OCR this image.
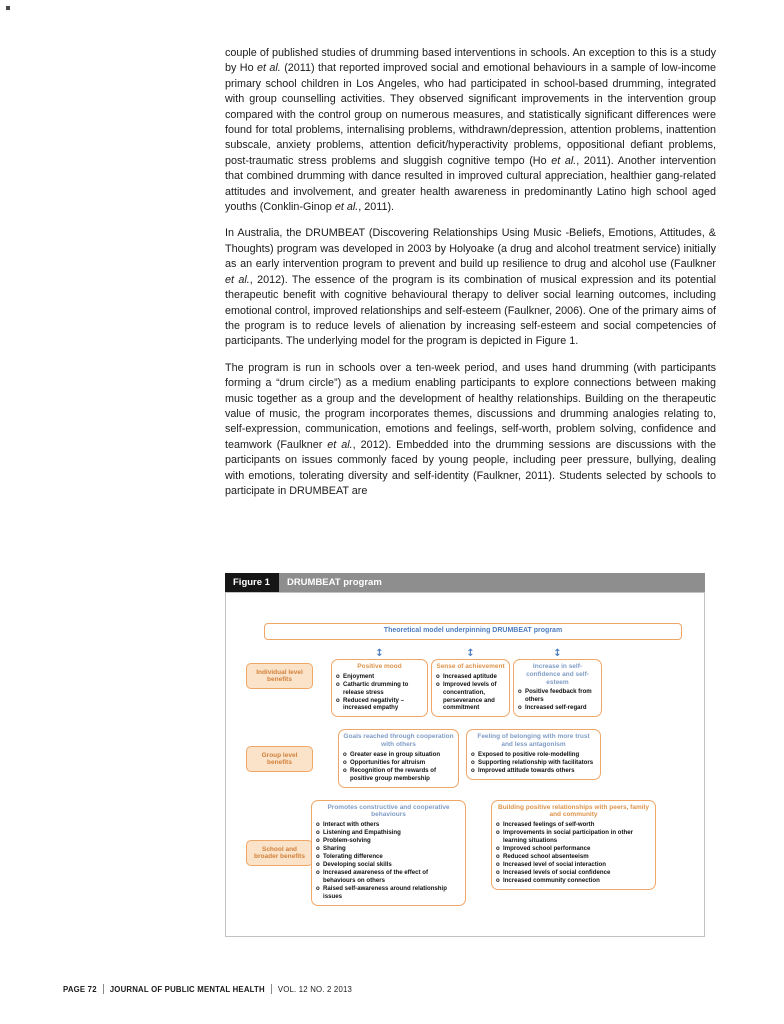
couple of published studies of drumming based interventions in schools. An exception to this is a study by Ho et al. (2011) that reported improved social and emotional behaviours in a sample of low-income primary school children in Los Angeles, who had participated in school-based drumming, integrated with group counselling activities. They observed significant improvements in the intervention group compared with the control group on numerous measures, and statistically significant differences were found for total problems, internalising problems, withdrawn/depression, attention problems, inattention subscale, anxiety problems, attention deficit/hyperactivity problems, oppositional defiant problems, post-traumatic stress problems and sluggish cognitive tempo (Ho et al., 2011). Another intervention that combined drumming with dance resulted in improved cultural appreciation, healthier gang-related attitudes and involvement, and greater health awareness in predominantly Latino high school aged youths (Conklin-Ginop et al., 2011).

In Australia, the DRUMBEAT (Discovering Relationships Using Music -Beliefs, Emotions, Attitudes, & Thoughts) program was developed in 2003 by Holyoake (a drug and alcohol treatment service) initially as an early intervention program to prevent and build up resilience to drug and alcohol use (Faulkner et al., 2012). The essence of the program is its combination of musical expression and its potential therapeutic benefit with cognitive behavioural therapy to deliver social learning outcomes, including emotional control, improved relationships and self-esteem (Faulkner, 2006). One of the primary aims of the program is to reduce levels of alienation by increasing self-esteem and social competencies of participants. The underlying model for the program is depicted in Figure 1.

The program is run in schools over a ten-week period, and uses hand drumming (with participants forming a “drum circle”) as a medium enabling participants to explore connections between making music together as a group and the development of healthy relationships. Building on the therapeutic value of music, the program incorporates themes, discussions and drumming analogies relating to, self-expression, communication, emotions and feelings, self-worth, problem solving, confidence and teamwork (Faulkner et al., 2012). Embedded into the drumming sessions are discussions with the participants on issues commonly faced by young people, including peer pressure, bullying, dealing with emotions, tolerating diversity and self-identity (Faulkner, 2011). Students selected by schools to participate in DRUMBEAT are

Figure 1	DRUMBEAT program
Theoretical model underpinning DRUMBEAT program
↕	↕	↕
Individual level benefits
Positive mood
o Enjoyment
o Cathartic drumming to release stress
o Reduced negativity –increased empathy
Sense of achievement
o Increased aptitude
o Improved levels of concentration, perseverance and commitment
Increase in self-confidence and self-esteem
o Positive feedback from others
o Increased self-regard
Group level benefits
Goals reached through cooperation with others
o Greater ease in group situation
o Opportunities for altruism
o Recognition of the rewards of positive group membership
Feeling of belonging with more trust and less antagonism
o Exposed to positive role-modelling
o Supporting relationship with facilitators
o Improved attitude towards others
School and broader benefits
Promotes constructive and cooperative behaviours
o Interact with others
o Listening and Empathising
o Problem-solving
o Sharing
o Tolerating difference
o Developing social skills
o Increased awareness of the effect of behaviours on others
o Raised self-awareness around relationship issues
Building positive relationships with peers, family and community
o Increased feelings of self-worth
o Improvements in social participation in other learning situations
o Improved school performance
o Reduced school absenteeism
o Increased level of social interaction
o Increased levels of social confidence
o Increased community connection
PAGE 72 JOURNAL OF PUBLIC MENTAL HEALTH VOL. 12 NO. 2 2013
